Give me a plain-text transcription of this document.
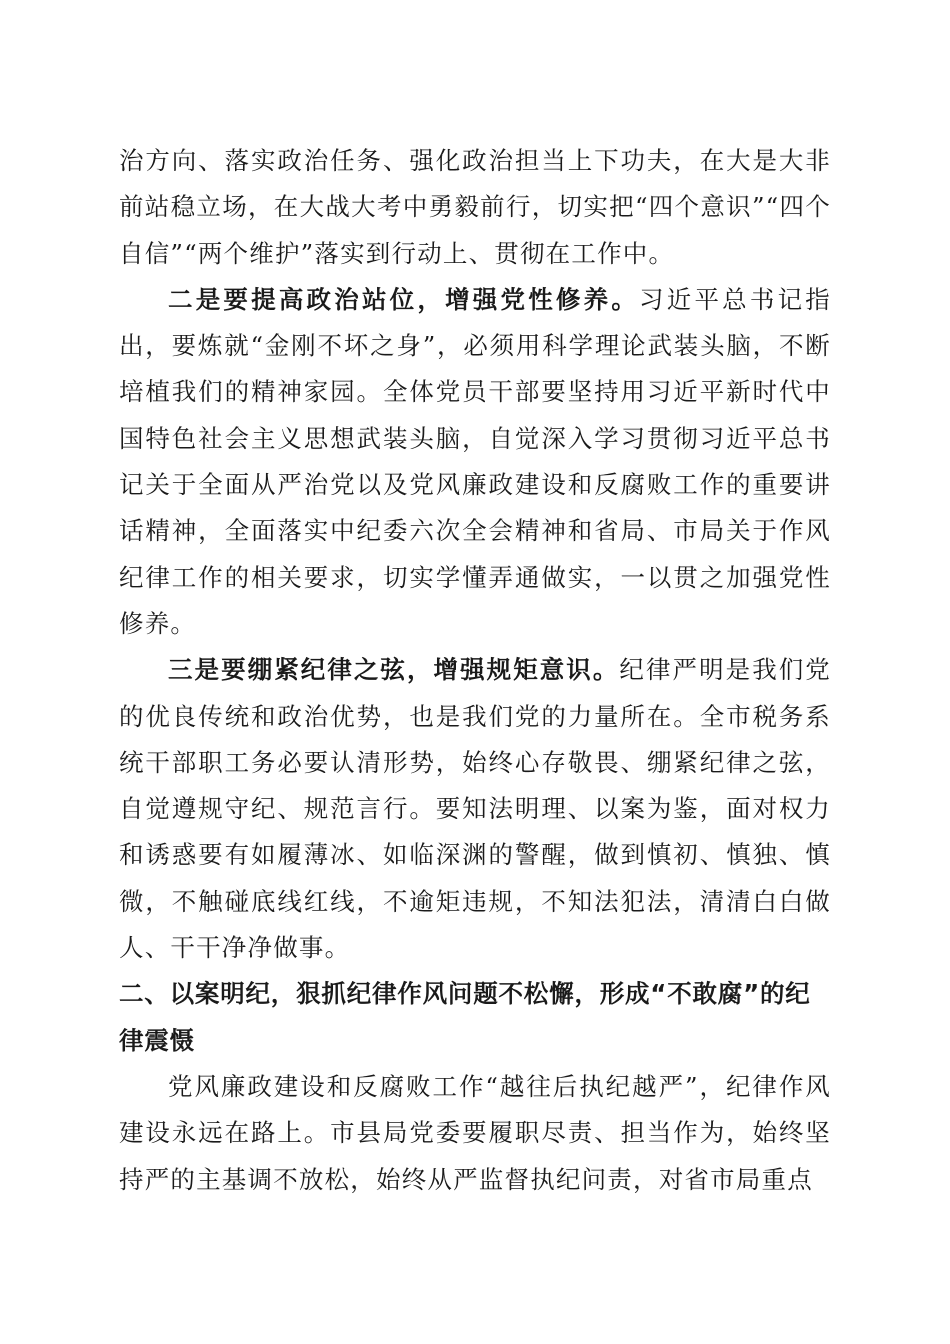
治方向、落实政治任务、强化政治担当上下功夫，在大是大非前站稳立场，在大战大考中勇毅前行，切实把“四个意识”“四个自信”“两个维护”落实到行动上、贯彻在工作中。

二是要提高政治站位，增强党性修养。习近平总书记指出，要炼就“金刚不坏之身”，必须用科学理论武装头脑，不断培植我们的精神家园。全体党员干部要坚持用习近平新时代中国特色社会主义思想武装头脑，自觉深入学习贯彻习近平总书记关于全面从严治党以及党风廉政建设和反腐败工作的重要讲话精神，全面落实中纪委六次全会精神和省局、市局关于作风纪律工作的相关要求，切实学懂弄通做实，一以贯之加强党性修养。

三是要绷紧纪律之弦，增强规矩意识。纪律严明是我们党的优良传统和政治优势，也是我们党的力量所在。全市税务系统干部职工务必要认清形势，始终心存敬畏、绷紧纪律之弦，自觉遵规守纪、规范言行。要知法明理、以案为鉴，面对权力和诱惑要有如履薄冰、如临深渊的警醒，做到慎初、慎独、慎微，不触碰底线红线，不逾矩违规，不知法犯法，清清白白做人、干干净净做事。

二、以案明纪，狠抓纪律作风问题不松懈，形成“不敢腐”的纪律震慑

党风廉政建设和反腐败工作“越往后执纪越严”，纪律作风建设永远在路上。市县局党委要履职尽责、担当作为，始终坚持严的主基调不放松，始终从严监督执纪问责，对省市局重点
